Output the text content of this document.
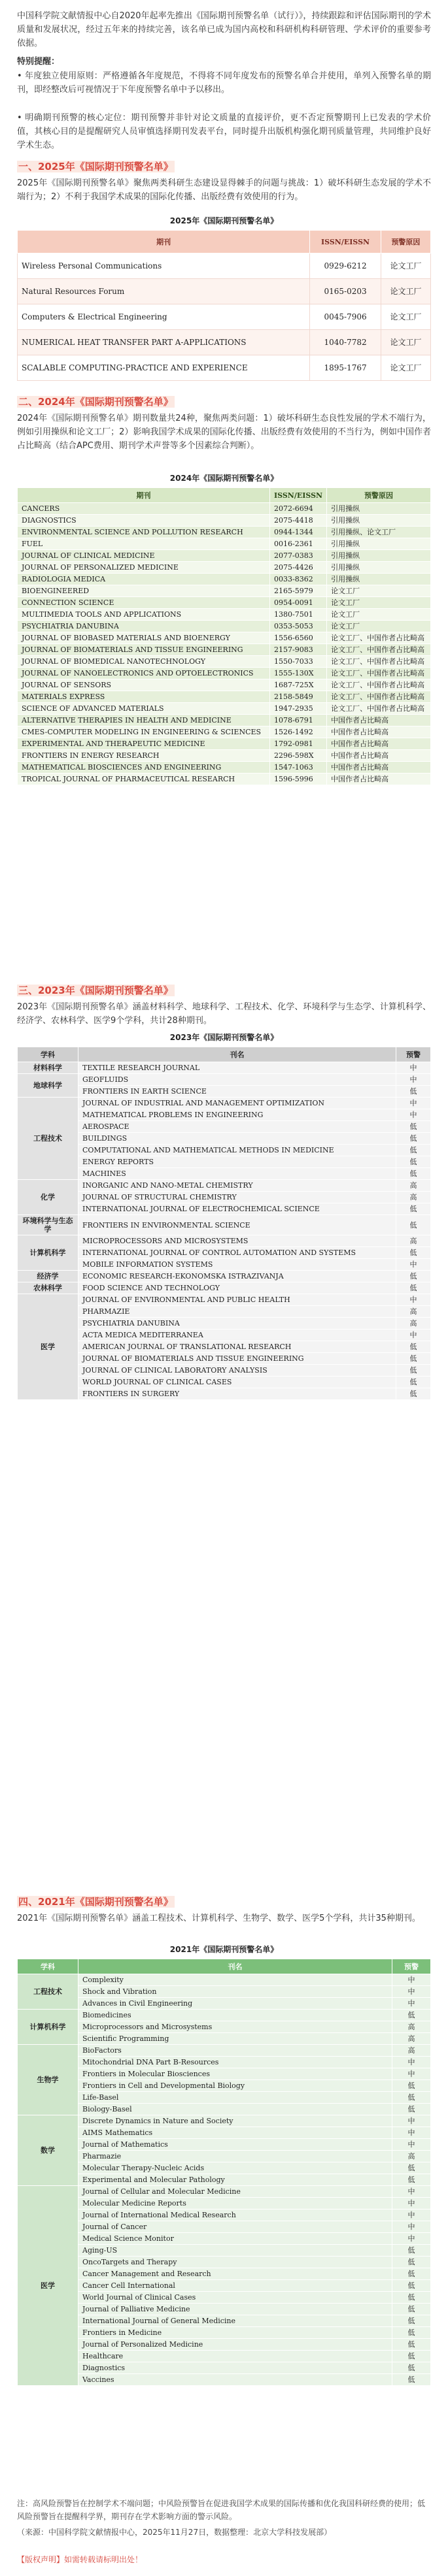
中国科学院文献情报中心自2020年起率先推出《国际期刊预警名单（试行）》，持续跟踪和评估国际期刊的学术质量和发展状况，经过五年来的持续完善，该名单已成为国内高校和科研机构科研管理、学术评价的重要参考依据。
特别提醒：
• 年度独立使用原则：严格遵循各年度规范，不得将不同年度发布的预警名单合并使用，单列入预警名单的期刊，即经整改后可视情况于下年度预警名单中予以移出。
• 明确期刊预警的核心定位：期刊预警并非针对论文质量的直接评价，更不否定预警期刊上已发表的学术价值，其核心目的是提醒研究人员审慎选择期刊发表平台，同时提升出版机构强化期刊质量管理，共同维护良好学术生态。
一、2025年《国际期刊预警名单》
2025年《国际期刊预警名单》聚焦两类科研生态建设显得棘手的问题与挑战：1）破坏科研生态发展的学术不端行为；2）不利于我国学术成果的国际化传播、出版经费有效使用的行为。
2025年《国际期刊预警名单》
期刊	ISSN/EISSN	预警原因
Wireless Personal Communications	0929-6212	论文工厂
Natural Resources Forum	0165-0203	论文工厂
Computers & Electrical Engineering	0045-7906	论文工厂
NUMERICAL HEAT TRANSFER PART A-APPLICATIONS	1040-7782	论文工厂
SCALABLE COMPUTING-PRACTICE AND EXPERIENCE	1895-1767	论文工厂
二、2024年《国际期刊预警名单》
2024年《国际期刊预警名单》期刊数量共24种，聚焦两类问题：1）破坏科研生态良性发展的学术不端行为，例如引用操纵和论文工厂；2）影响我国学术成果的国际化传播、出版经费有效使用的不当行为，例如中国作者占比畸高（结合APC费用、期刊学术声誉等多个因素综合判断）。
2024年《国际期刊预警名单》
期刊	ISSN/EISSN	预警原因
CANCERS	2072-6694	引用操纵
DIAGNOSTICS	2075-4418	引用操纵
ENVIRONMENTAL SCIENCE AND POLLUTION RESEARCH	0944-1344	引用操纵、论文工厂
FUEL	0016-2361	引用操纵
JOURNAL OF CLINICAL MEDICINE	2077-0383	引用操纵
JOURNAL OF PERSONALIZED MEDICINE	2075-4426	引用操纵
RADIOLOGIA MEDICA	0033-8362	引用操纵
BIOENGINEERED	2165-5979	论文工厂
CONNECTION SCIENCE	0954-0091	论文工厂
MULTIMEDIA TOOLS AND APPLICATIONS	1380-7501	论文工厂
PSYCHIATRIA DANUBINA	0353-5053	论文工厂
JOURNAL OF BIOBASED MATERIALS AND BIOENERGY	1556-6560	论文工厂、中国作者占比畸高
JOURNAL OF BIOMATERIALS AND TISSUE ENGINEERING	2157-9083	论文工厂、中国作者占比畸高
JOURNAL OF BIOMEDICAL NANOTECHNOLOGY	1550-7033	论文工厂、中国作者占比畸高
JOURNAL OF NANOELECTRONICS AND OPTOELECTRONICS	1555-130X	论文工厂、中国作者占比畸高
JOURNAL OF SENSORS	1687-725X	论文工厂、中国作者占比畸高
MATERIALS EXPRESS	2158-5849	论文工厂、中国作者占比畸高
SCIENCE OF ADVANCED MATERIALS	1947-2935	论文工厂、中国作者占比畸高
ALTERNATIVE THERAPIES IN HEALTH AND MEDICINE	1078-6791	中国作者占比畸高
CMES-COMPUTER MODELING IN ENGINEERING & SCIENCES	1526-1492	中国作者占比畸高
EXPERIMENTAL AND THERAPEUTIC MEDICINE	1792-0981	中国作者占比畸高
FRONTIERS IN ENERGY RESEARCH	2296-598X	中国作者占比畸高
MATHEMATICAL BIOSCIENCES AND ENGINEERING	1547-1063	中国作者占比畸高
TROPICAL JOURNAL OF PHARMACEUTICAL RESEARCH	1596-5996	中国作者占比畸高
三、2023年《国际期刊预警名单》
2023年《国际期刊预警名单》涵盖材料科学、地球科学、工程技术、化学、环境科学与生态学、计算机科学、经济学、农林科学、医学9个学科，共计28种期刊。
2023年《国际期刊预警名单》
学科	刊名	预警
材料科学	TEXTILE RESEARCH JOURNAL	中
地球科学	GEOFLUIDS	中
	FRONTIERS IN EARTH SCIENCE	低
工程技术	JOURNAL OF INDUSTRIAL AND MANAGEMENT OPTIMIZATION	中
	MATHEMATICAL PROBLEMS IN ENGINEERING	中
	AEROSPACE	低
	BUILDINGS	低
	COMPUTATIONAL AND MATHEMATICAL METHODS IN MEDICINE	低
	ENERGY REPORTS	低
	MACHINES	低
化学	INORGANIC AND NANO-METAL CHEMISTRY	高
	JOURNAL OF STRUCTURAL CHEMISTRY	高
	INTERNATIONAL JOURNAL OF ELECTROCHEMICAL SCIENCE	低
环境科学与生态学	FRONTIERS IN ENVIRONMENTAL SCIENCE	低
计算机科学	MICROPROCESSORS AND MICROSYSTEMS	高
	INTERNATIONAL JOURNAL OF CONTROL AUTOMATION AND SYSTEMS	低
	MOBILE INFORMATION SYSTEMS	中
经济学	ECONOMIC RESEARCH-EKONOMSKA ISTRAZIVANJA	低
农林科学	FOOD SCIENCE AND TECHNOLOGY	低
医学	JOURNAL OF ENVIRONMENTAL AND PUBLIC HEALTH	中
	PHARMAZIE	高
	PSYCHIATRIA DANUBINA	高
	ACTA MEDICA MEDITERRANEA	中
	AMERICAN JOURNAL OF TRANSLATIONAL RESEARCH	低
	JOURNAL OF BIOMATERIALS AND TISSUE ENGINEERING	低
	JOURNAL OF CLINICAL LABORATORY ANALYSIS	低
	WORLD JOURNAL OF CLINICAL CASES	低
	FRONTIERS IN SURGERY	低
四、2021年《国际期刊预警名单》
2021年《国际期刊预警名单》涵盖工程技术、计算机科学、生物学、数学、医学5个学科，共计35种期刊。
2021年《国际期刊预警名单》
学科	刊名	预警
工程技术	Complexity	中
	Shock and Vibration	中
	Advances in Civil Engineering	中
计算机科学	Biomedicines	低
	Microprocessors and Microsystems	高
	Scientific Programming	高
生物学	BioFactors	高
	Mitochondrial DNA Part B-Resources	中
	Frontiers in Molecular Biosciences	中
	Frontiers in Cell and Developmental Biology	低
	Life-Basel	低
	Biology-Basel	低
数学	Discrete Dynamics in Nature and Society	中
	AIMS Mathematics	中
	Journal of Mathematics	中
	Pharmazie	高
	Molecular Therapy-Nucleic Acids	低
	Experimental and Molecular Pathology	低
医学	Journal of Cellular and Molecular Medicine	中
	Molecular Medicine Reports	中
	Journal of International Medical Research	中
	Journal of Cancer	中
	Medical Science Monitor	中
	Aging-US	低
	OncoTargets and Therapy	低
	Cancer Management and Research	低
	Cancer Cell International	低
	World Journal of Clinical Cases	低
	Journal of Palliative Medicine	低
	International Journal of General Medicine	低
	Frontiers in Medicine	低
	Journal of Personalized Medicine	低
	Healthcare	低
	Diagnostics	低
	Vaccines	低
注：高风险预警旨在控制学术不端问题；中风险预警旨在促进我国学术成果的国际传播和优化我国科研经费的使用；低风险预警旨在提醒科学界，期刊存在学术影响方面的警示风险。
（来源：中国科学院文献情报中心，2025年11月27日，数据整理：北京大学科技发展部）
【版权声明】如需转载请标明出处！
